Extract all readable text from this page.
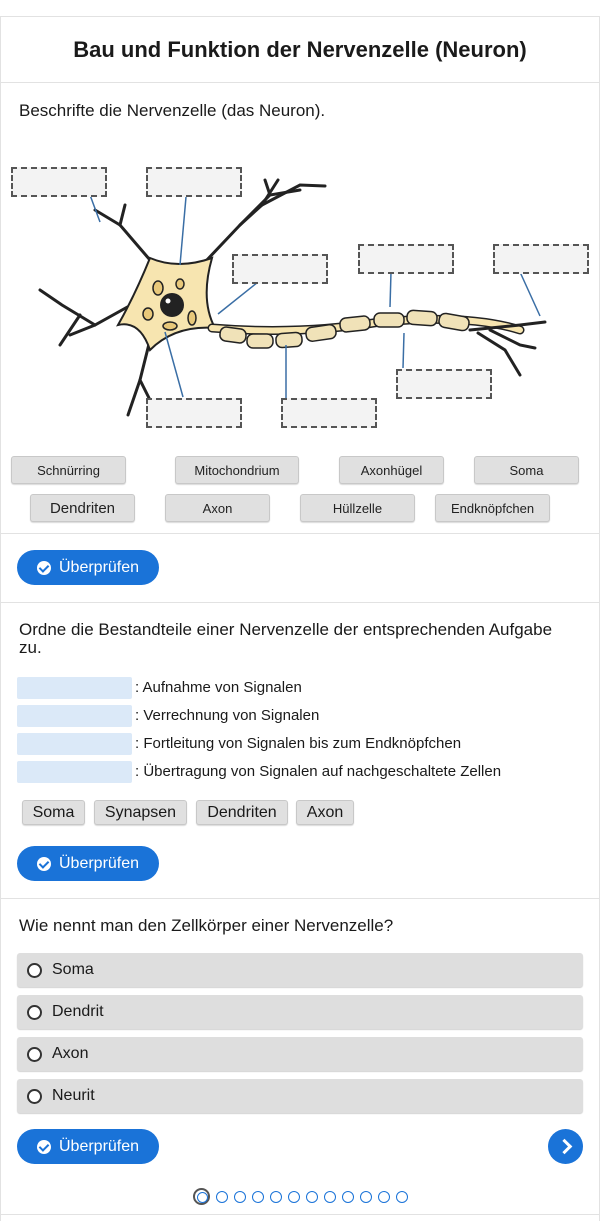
Bau und Funktion der Nervenzelle (Neuron)
Beschrifte die Nervenzelle (das Neuron).
Schnürring	Mitochondrium	Axonhügel	Soma
Dendriten	Axon	Hüllzelle	Endknöpfchen
Überprüfen
Ordne die Bestandteile einer Nervenzelle der entsprechenden Aufgabe zu.
: Aufnahme von Signalen
: Verrechnung von Signalen
: Fortleitung von Signalen bis zum Endknöpfchen
: Übertragung von Signalen auf nachgeschaltete Zellen
Soma	Synapsen	Dendriten	Axon
Überprüfen
Wie nennt man den Zellkörper einer Nervenzelle?
Soma
Dendrit
Axon
Neurit
Überprüfen
